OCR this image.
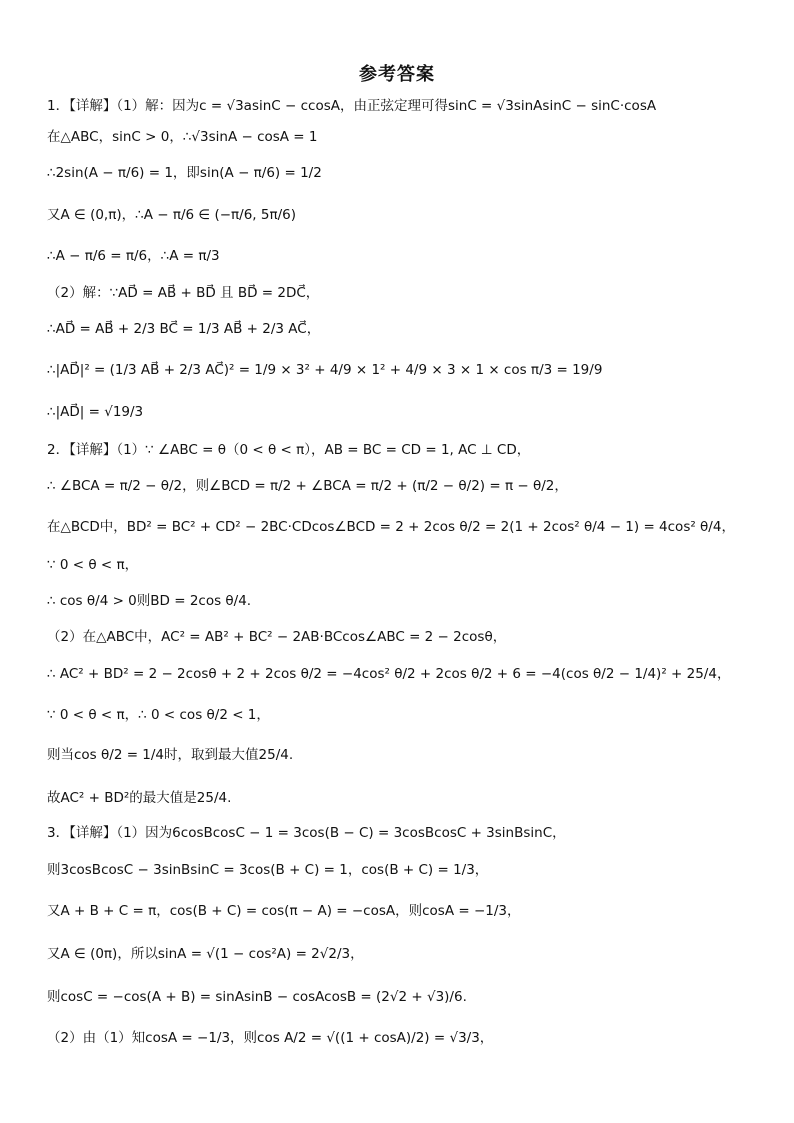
参考答案
1．【详解】（1）解：因为c = √3asinC − ccosA，由正弦定理可得sinC = √3sinAsinC − sinC·cosA
在△ABC，sinC > 0，∴√3sinA − cosA = 1
∴2sin(A − π/6) = 1，即sin(A − π/6) = 1/2
又A ∈ (0,π)，∴A − π/6 ∈ (−π/6, 5π/6)
∴A − π/6 = π/6，∴A = π/3
（2）解：∵AD⃗ = AB⃗ + BD⃗ 且 BD⃗ = 2DC⃗，
∴AD⃗ = AB⃗ + 2/3 BC⃗ = 1/3 AB⃗ + 2/3 AC⃗，
∴|AD⃗|² = (1/3 AB⃗ + 2/3 AC⃗)² = 1/9 × 3² + 4/9 × 1² + 4/9 × 3 × 1 × cos π/3 = 19/9
∴|AD⃗| = √19/3
2．【详解】（1）∵ ∠ABC = θ（0 < θ < π），AB = BC = CD = 1, AC ⊥ CD，
∴ ∠BCA = π/2 − θ/2，则∠BCD = π/2 + ∠BCA = π/2 + (π/2 − θ/2) = π − θ/2，
在△BCD中，BD² = BC² + CD² − 2BC·CDcos∠BCD = 2 + 2cos θ/2 = 2(1 + 2cos² θ/4 − 1) = 4cos² θ/4，
∵ 0 < θ < π，
∴ cos θ/4 > 0则BD = 2cos θ/4.
（2）在△ABC中，AC² = AB² + BC² − 2AB·BCcos∠ABC = 2 − 2cosθ，
∴ AC² + BD² = 2 − 2cosθ + 2 + 2cos θ/2 = −4cos² θ/2 + 2cos θ/2 + 6 = −4(cos θ/2 − 1/4)² + 25/4，
∵ 0 < θ < π，∴ 0 < cos θ/2 < 1，
则当cos θ/2 = 1/4时，取到最大值25/4.
故AC² + BD²的最大值是25/4.
3．【详解】（1）因为6cosBcosC − 1 = 3cos(B − C) = 3cosBcosC + 3sinBsinC，
则3cosBcosC − 3sinBsinC = 3cos(B + C) = 1，cos(B + C) = 1/3，
又A + B + C = π，cos(B + C) = cos(π − A) = −cosA，则cosA = −1/3，
又A ∈ (0π)，所以sinA = √(1 − cos²A) = 2√2/3，
则cosC = −cos(A + B) = sinAsinB − cosAcosB = (2√2 + √3)/6.
（2）由（1）知cosA = −1/3，则cos A/2 = √((1 + cosA)/2) = √3/3，
